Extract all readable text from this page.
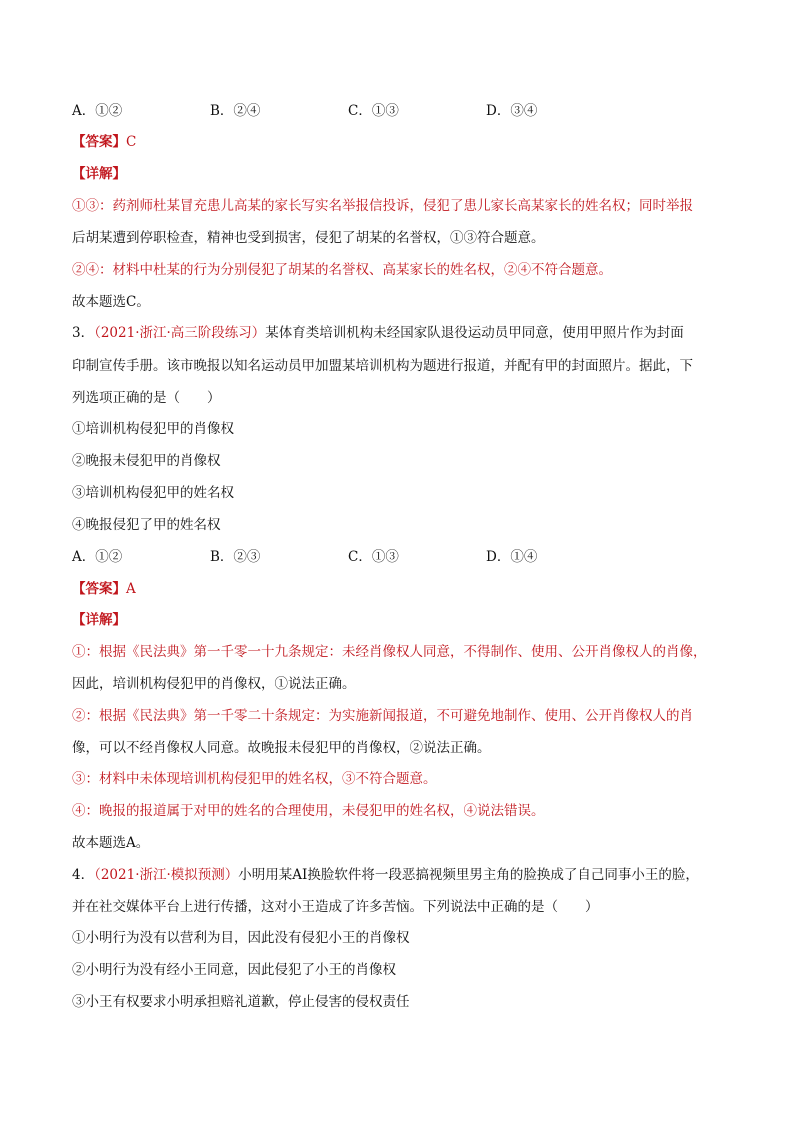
A．①②	B．②④	C．①③	D．③④
【答案】C
【详解】
①③：药剂师杜某冒充患儿高某的家长写实名举报信投诉，侵犯了患儿家长高某家长的姓名权；同时举报
后胡某遭到停职检查，精神也受到损害，侵犯了胡某的名誉权，①③符合题意。
②④：材料中杜某的行为分别侵犯了胡某的名誉权、高某家长的姓名权，②④不符合题意。
故本题选C。
3．（2021·浙江·高三阶段练习）某体育类培训机构未经国家队退役运动员甲同意，使用甲照片作为封面
印制宣传手册。该市晚报以知名运动员甲加盟某培训机构为题进行报道，并配有甲的封面照片。据此，下
列选项正确的是（　　）
①培训机构侵犯甲的肖像权
②晚报未侵犯甲的肖像权
③培训机构侵犯甲的姓名权
④晚报侵犯了甲的姓名权
A．①②	B．②③	C．①③	D．①④
【答案】A
【详解】
①：根据《民法典》第一千零一十九条规定：未经肖像权人同意，不得制作、使用、公开肖像权人的肖像，
因此，培训机构侵犯甲的肖像权，①说法正确。
②：根据《民法典》第一千零二十条规定：为实施新闻报道，不可避免地制作、使用、公开肖像权人的肖
像，可以不经肖像权人同意。故晚报未侵犯甲的肖像权，②说法正确。
③：材料中未体现培训机构侵犯甲的姓名权，③不符合题意。
④：晚报的报道属于对甲的姓名的合理使用，未侵犯甲的姓名权，④说法错误。
故本题选A。
4．（2021·浙江·模拟预测）小明用某AI换脸软件将一段恶搞视频里男主角的脸换成了自己同事小王的脸，
并在社交媒体平台上进行传播，这对小王造成了许多苦恼。下列说法中正确的是（　　）
①小明行为没有以营利为目，因此没有侵犯小王的肖像权
②小明行为没有经小王同意，因此侵犯了小王的肖像权
③小王有权要求小明承担赔礼道歉，停止侵害的侵权责任
